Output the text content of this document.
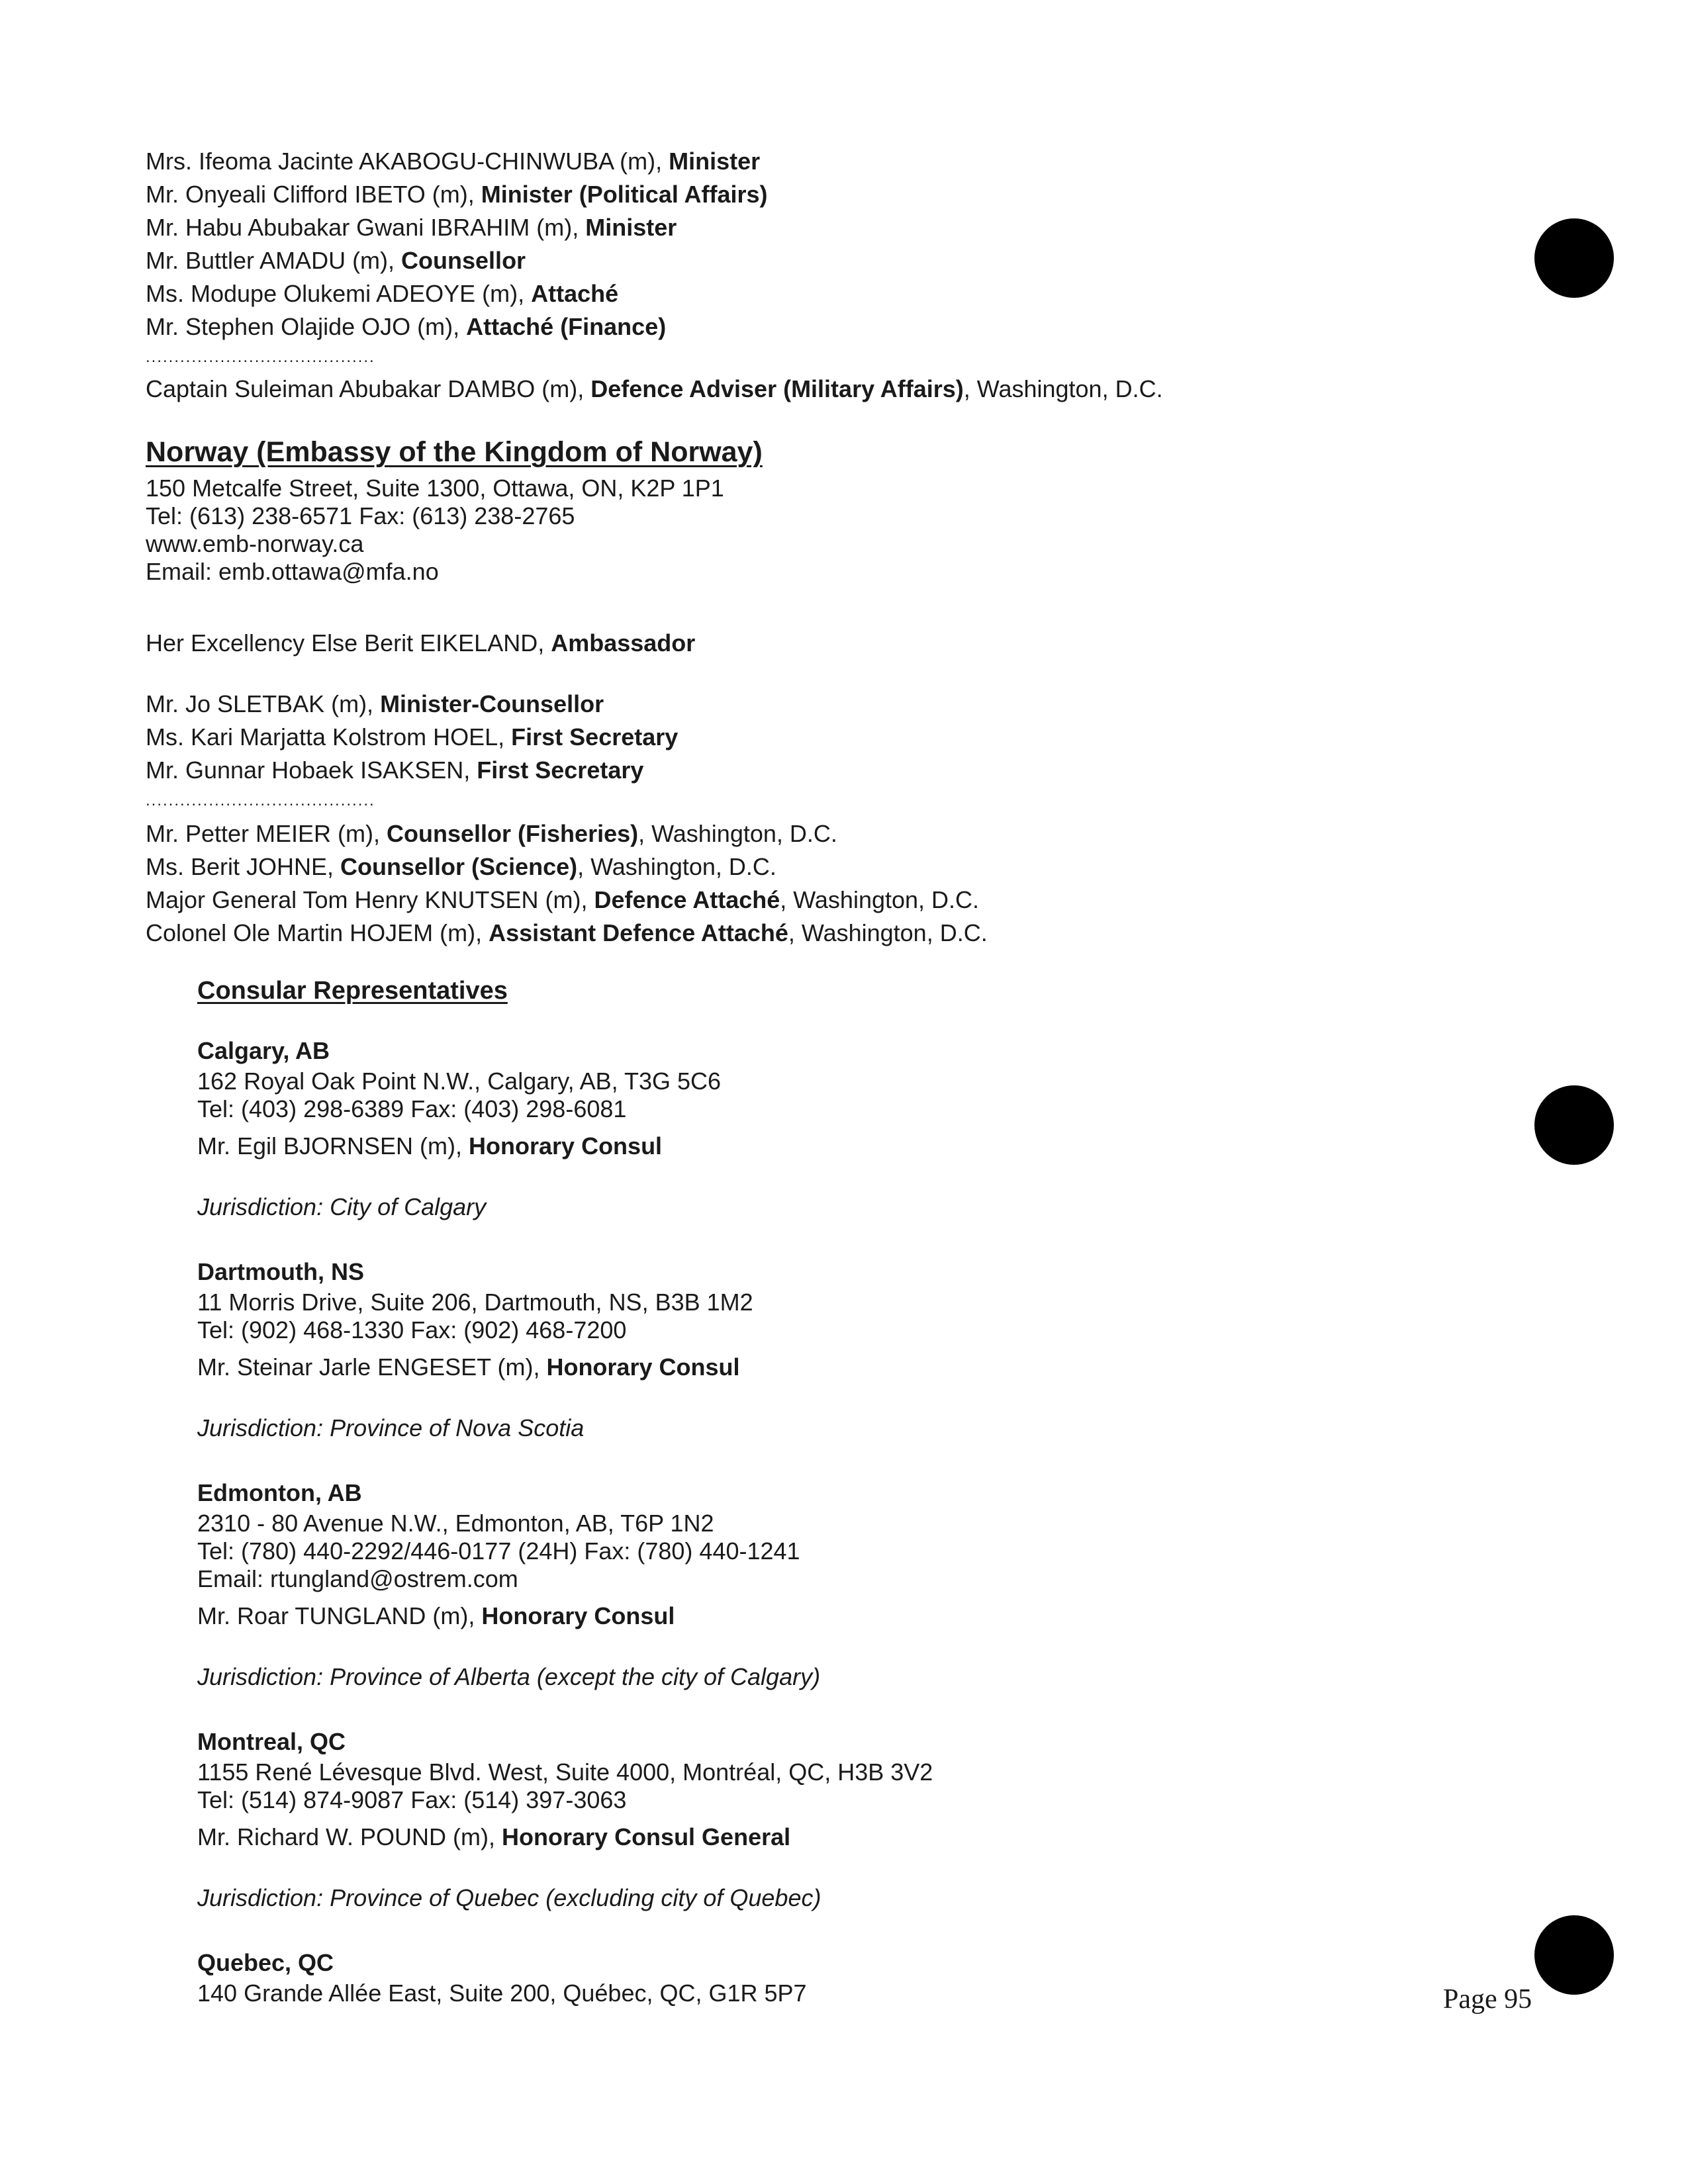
Mrs. Ifeoma Jacinte AKABOGU-CHINWUBA (m), Minister
Mr. Onyeali Clifford IBETO (m), Minister (Political Affairs)
Mr. Habu Abubakar Gwani IBRAHIM (m), Minister
Mr. Buttler AMADU (m), Counsellor
Ms. Modupe Olukemi ADEOYE (m), Attaché
Mr. Stephen Olajide OJO (m), Attaché (Finance)
........................................
Captain Suleiman Abubakar DAMBO (m), Defence Adviser (Military Affairs), Washington, D.C.
Norway (Embassy of the Kingdom of Norway)
150 Metcalfe Street, Suite 1300, Ottawa, ON, K2P 1P1
Tel: (613) 238-6571 Fax: (613) 238-2765
www.emb-norway.ca
Email: emb.ottawa@mfa.no
Her Excellency Else Berit EIKELAND, Ambassador
Mr. Jo SLETBAK (m), Minister-Counsellor
Ms. Kari Marjatta Kolstrom HOEL, First Secretary
Mr. Gunnar Hobaek ISAKSEN, First Secretary
........................................
Mr. Petter MEIER (m), Counsellor (Fisheries), Washington, D.C.
Ms. Berit JOHNE, Counsellor (Science), Washington, D.C.
Major General Tom Henry KNUTSEN (m), Defence Attaché, Washington, D.C.
Colonel Ole Martin HOJEM (m), Assistant Defence Attaché, Washington, D.C.
Consular Representatives
Calgary, AB
162 Royal Oak Point N.W., Calgary, AB, T3G 5C6
Tel: (403) 298-6389 Fax: (403) 298-6081
Mr. Egil BJORNSEN (m), Honorary Consul
Jurisdiction: City of Calgary
Dartmouth, NS
11 Morris Drive, Suite 206, Dartmouth, NS, B3B 1M2
Tel: (902) 468-1330 Fax: (902) 468-7200
Mr. Steinar Jarle ENGESET (m), Honorary Consul
Jurisdiction: Province of Nova Scotia
Edmonton, AB
2310 - 80 Avenue N.W., Edmonton, AB, T6P 1N2
Tel: (780) 440-2292/446-0177 (24H) Fax: (780) 440-1241
Email: rtungland@ostrem.com
Mr. Roar TUNGLAND (m), Honorary Consul
Jurisdiction: Province of Alberta (except the city of Calgary)
Montreal, QC
1155 René Lévesque Blvd. West, Suite 4000, Montréal, QC, H3B 3V2
Tel: (514) 874-9087 Fax: (514) 397-3063
Mr. Richard W. POUND (m), Honorary Consul General
Jurisdiction: Province of Quebec (excluding city of Quebec)
Quebec, QC
140 Grande Allée East, Suite 200, Québec, QC, G1R 5P7	Page 95
